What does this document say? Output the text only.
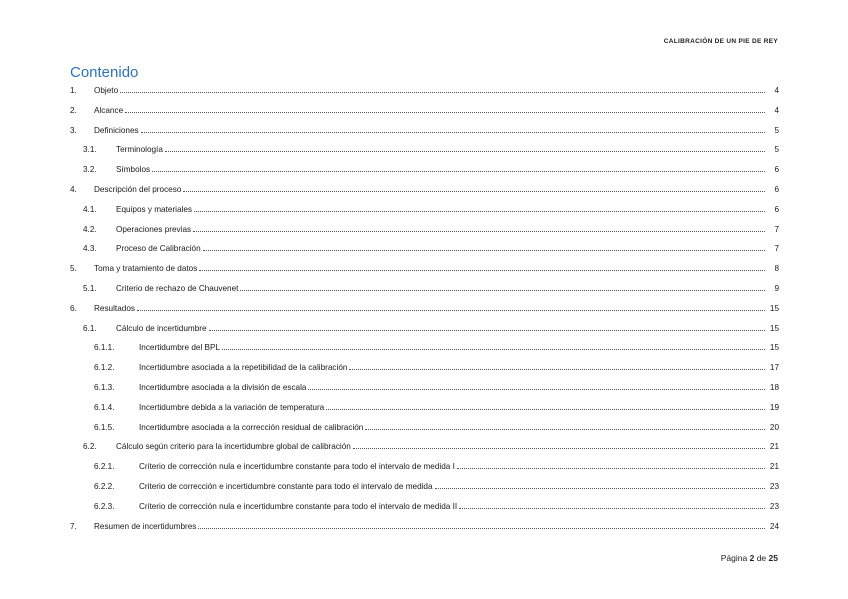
CALIBRACIÓN DE UN PIE DE REY
Contenido
1.	Objeto	4
2.	Alcance	4
3.	Definiciones	5
3.1.	Terminología	5
3.2.	Símbolos	6
4.	Descripción del proceso	6
4.1.	Equipos y materiales	6
4.2.	Operaciones previas	7
4.3.	Proceso de Calibración	7
5.	Toma y tratamiento de datos	8
5.1.	Criterio de rechazo de Chauvenet	9
6.	Resultados	15
6.1.	Cálculo de incertidumbre	15
6.1.1.	Incertidumbre del BPL	15
6.1.2.	Incertidumbre asociada a la repetibilidad de la calibración	17
6.1.3.	Incertidumbre asociada a la división de escala	18
6.1.4.	Incertidumbre debida a la variación de temperatura	19
6.1.5.	Incertidumbre asociada a la corrección residual de calibración	20
6.2.	Cálculo según criterio para la incertidumbre global de calibración	21
6.2.1.	Criterio de corrección nula e incertidumbre constante para todo el intervalo de medida I	21
6.2.2.	Criterio de corrección e incertidumbre constante para todo el intervalo de medida	23
6.2.3.	Criterio de corrección nula e incertidumbre constante para todo el intervalo de medida II	23
7.	Resumen de incertidumbres	24
Página 2 de 25
